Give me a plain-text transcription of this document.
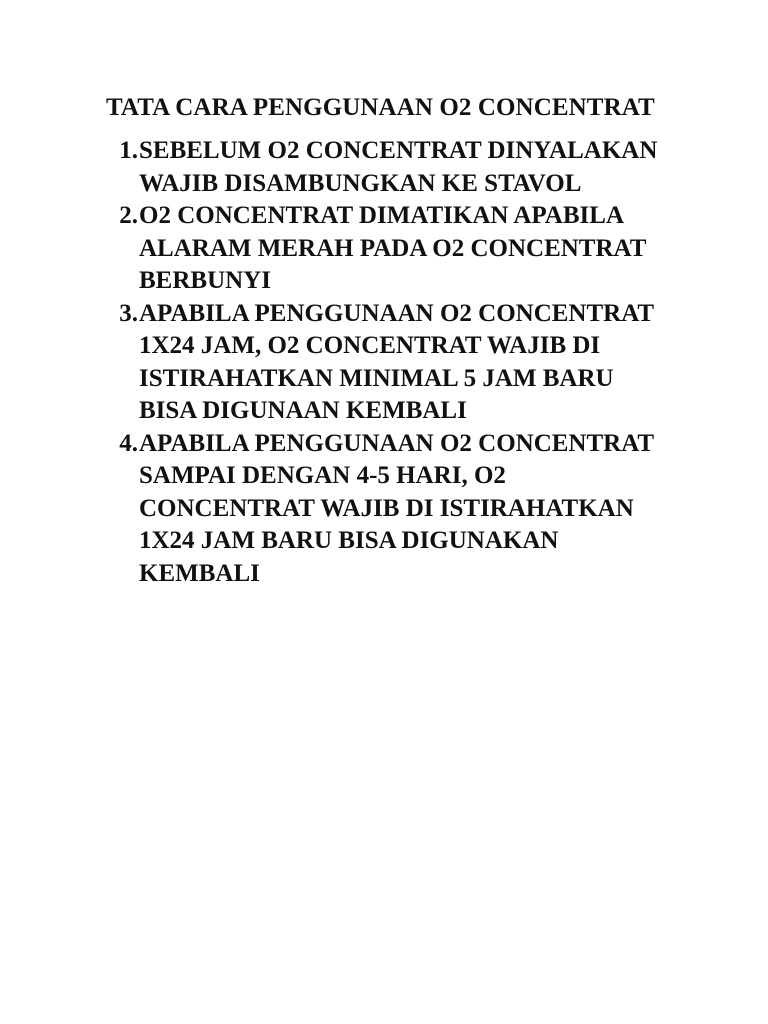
TATA CARA PENGGUNAAN O2 CONCENTRAT
1. SEBELUM O2 CONCENTRAT DINYALAKAN
WAJIB DISAMBUNGKAN KE STAVOL
2. O2 CONCENTRAT DIMATIKAN APABILA
ALARAM MERAH PADA O2 CONCENTRAT
BERBUNYI
3. APABILA PENGGUNAAN O2 CONCENTRAT
1X24 JAM, O2 CONCENTRAT WAJIB DI
ISTIRAHATKAN MINIMAL 5 JAM BARU
BISA DIGUNAAN KEMBALI
4. APABILA PENGGUNAAN O2 CONCENTRAT
SAMPAI DENGAN 4-5 HARI, O2
CONCENTRAT WAJIB DI ISTIRAHATKAN
1X24 JAM BARU BISA DIGUNAKAN
KEMBALI
